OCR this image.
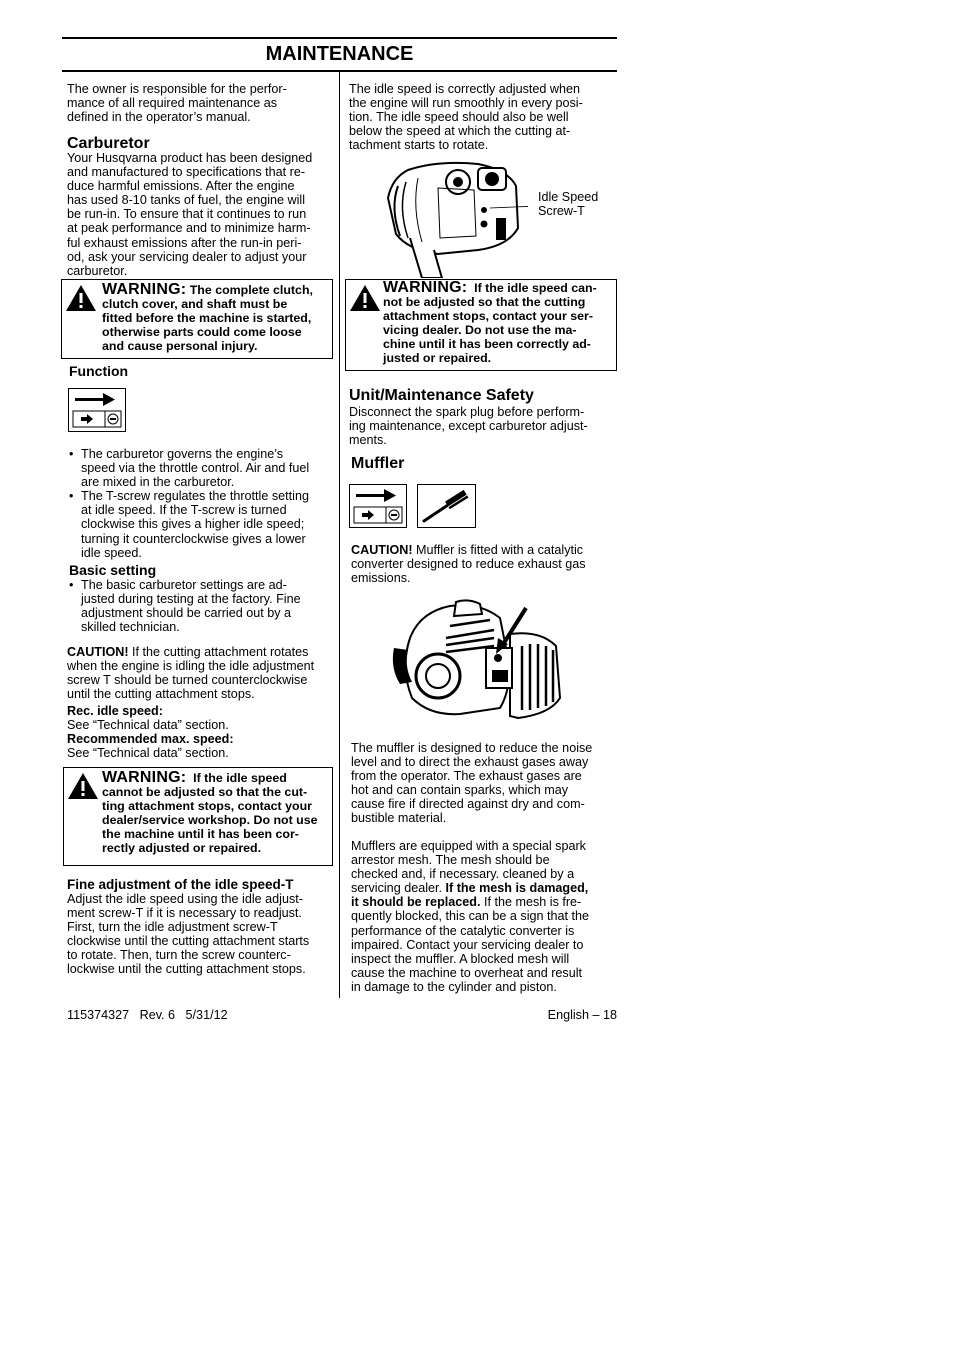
MAINTENANCE
The owner is responsible for the perfor-
mance of all required maintenance as
defined in the operator’s manual.
Carburetor
Your Husqvarna product has been designed
and manufactured to specifications that re-
duce harmful emissions. After the engine
has used 8-10 tanks of fuel, the engine will
be run-in. To ensure that it continues to run
at peak performance and to minimize harm-
ful exhaust emissions after the run-in peri-
od, ask your servicing dealer to adjust your
carburetor.
WARNING: The complete clutch,
clutch cover, and shaft must be
fitted before the machine is started,
otherwise parts could come loose
and cause personal injury.
Function
• The carburetor governs the engine’s
speed via the throttle control. Air and fuel
are mixed in the carburetor.
• The T-screw regulates the throttle setting
at idle speed. If the T-screw is turned
clockwise this gives a higher idle speed;
turning it counterclockwise gives a lower
idle speed.
Basic setting
• The basic carburetor settings are ad-
justed during testing at the factory. Fine
adjustment should be carried out by a
skilled technician.
CAUTION! If the cutting attachment rotates
when the engine is idling the idle adjustment
screw T should be turned counterclockwise
until the cutting attachment stops.
Rec. idle speed:
See “Technical data” section.
Recommended max. speed:
See “Technical data” section.
WARNING: If the idle speed
cannot be adjusted so that the cut-
ting attachment stops, contact your
dealer/service workshop. Do not use
the machine until it has been cor-
rectly adjusted or repaired.
Fine adjustment of the idle speed-T
Adjust the idle speed using the idle adjust-
ment screw-T if it is necessary to readjust.
First, turn the idle adjustment screw-T
clockwise until the cutting attachment starts
to rotate. Then, turn the screw counterc-
lockwise until the cutting attachment stops.
The idle speed is correctly adjusted when
the engine will run smoothly in every posi-
tion. The idle speed should also be well
below the speed at which the cutting at-
tachment starts to rotate.
Idle Speed
Screw-T
WARNING: If the idle speed can-
not be adjusted so that the cutting
attachment stops, contact your ser-
vicing dealer. Do not use the ma-
chine until it has been correctly ad-
justed or repaired.
Unit/Maintenance Safety
Disconnect the spark plug before perform-
ing maintenance, except carburetor adjust-
ments.
Muffler
CAUTION! Muffler is fitted with a catalytic
converter designed to reduce exhaust gas
emissions.
The muffler is designed to reduce the noise
level and to direct the exhaust gases away
from the operator. The exhaust gases are
hot and can contain sparks, which may
cause fire if directed against dry and com-
bustible material.
Mufflers are equipped with a special spark
arrestor mesh. The mesh should be
checked and, if necessary. cleaned by a
servicing dealer. If the mesh is damaged,
it should be replaced. If the mesh is fre-
quently blocked, this can be a sign that the
performance of the catalytic converter is
impaired. Contact your servicing dealer to
inspect the muffler. A blocked mesh will
cause the machine to overheat and result
in damage to the cylinder and piston.
115374327   Rev. 6   5/31/12	English – 18
